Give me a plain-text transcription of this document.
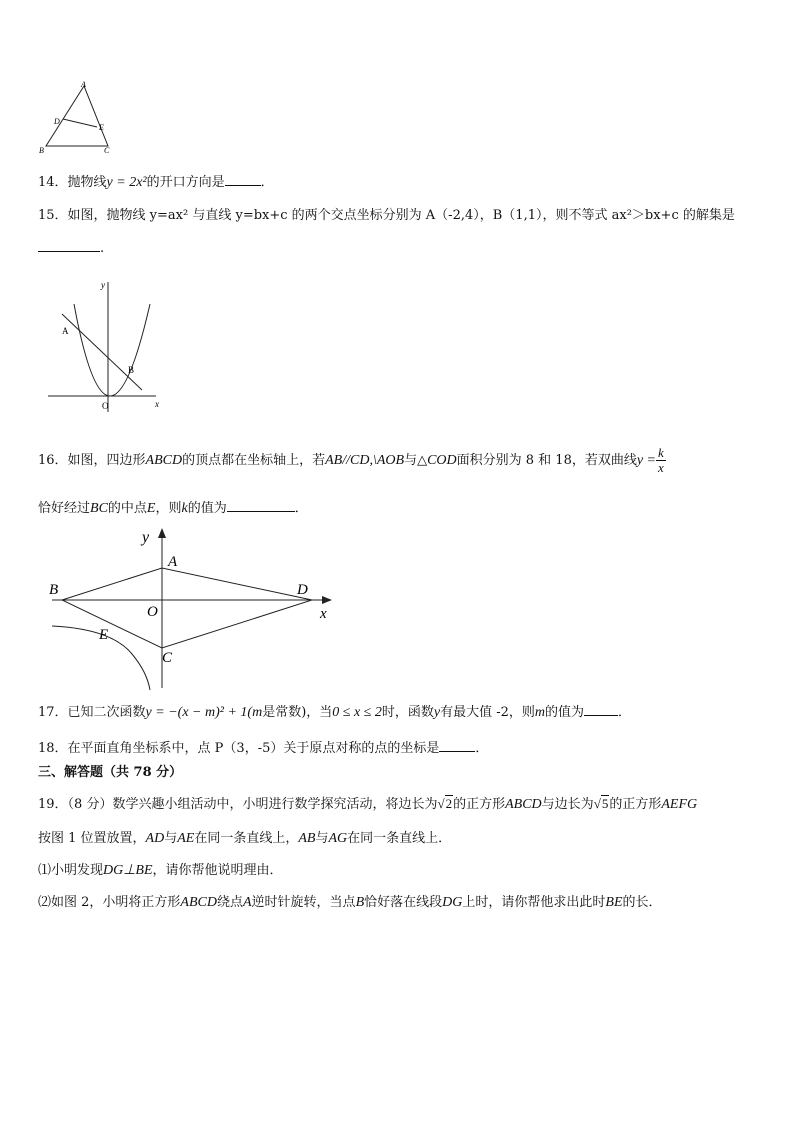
A
D
E
B	C
14．抛物线y = 2x²的开口方向是	．
15．如图，抛物线 y=ax² 与直线 y=bx+c 的两个交点坐标分别为 A（-2,4），B（1,1），则不等式 ax²＞bx+c 的解集是
.
y
x
O
A
B
16．如图，四边形ABCD的顶点都在坐标轴上，若AB//CD,\AOB与△COD面积分别为 8 和 18，若双曲线$y = \frac{k}{x}$
恰好经过BC的中点E，则k的值为	．
y
A
B	D
O	x
E
C
17．已知二次函数y = −(x − m)² + 1(m是常数)，当0 ≤ x ≤ 2时，函数y有最大值 -2，则m的值为	．
18．在平面直角坐标系中，点 P（3，-5）关于原点对称的点的坐标是	．
三、解答题（共 78 分）
19．（8 分）数学兴趣小组活动中，小明进行数学探究活动，将边长为√2的正方形ABCD与边长为√5的正方形AEFG
按图 1 位置放置，AD与AE在同一条直线上，AB与AG在同一条直线上．
⑴小明发现DG⊥BE，请你帮他说明理由．
⑵如图 2，小明将正方形ABCD绕点A逆时针旋转，当点B恰好落在线段DG上时，请你帮他求出此时BE的长．
